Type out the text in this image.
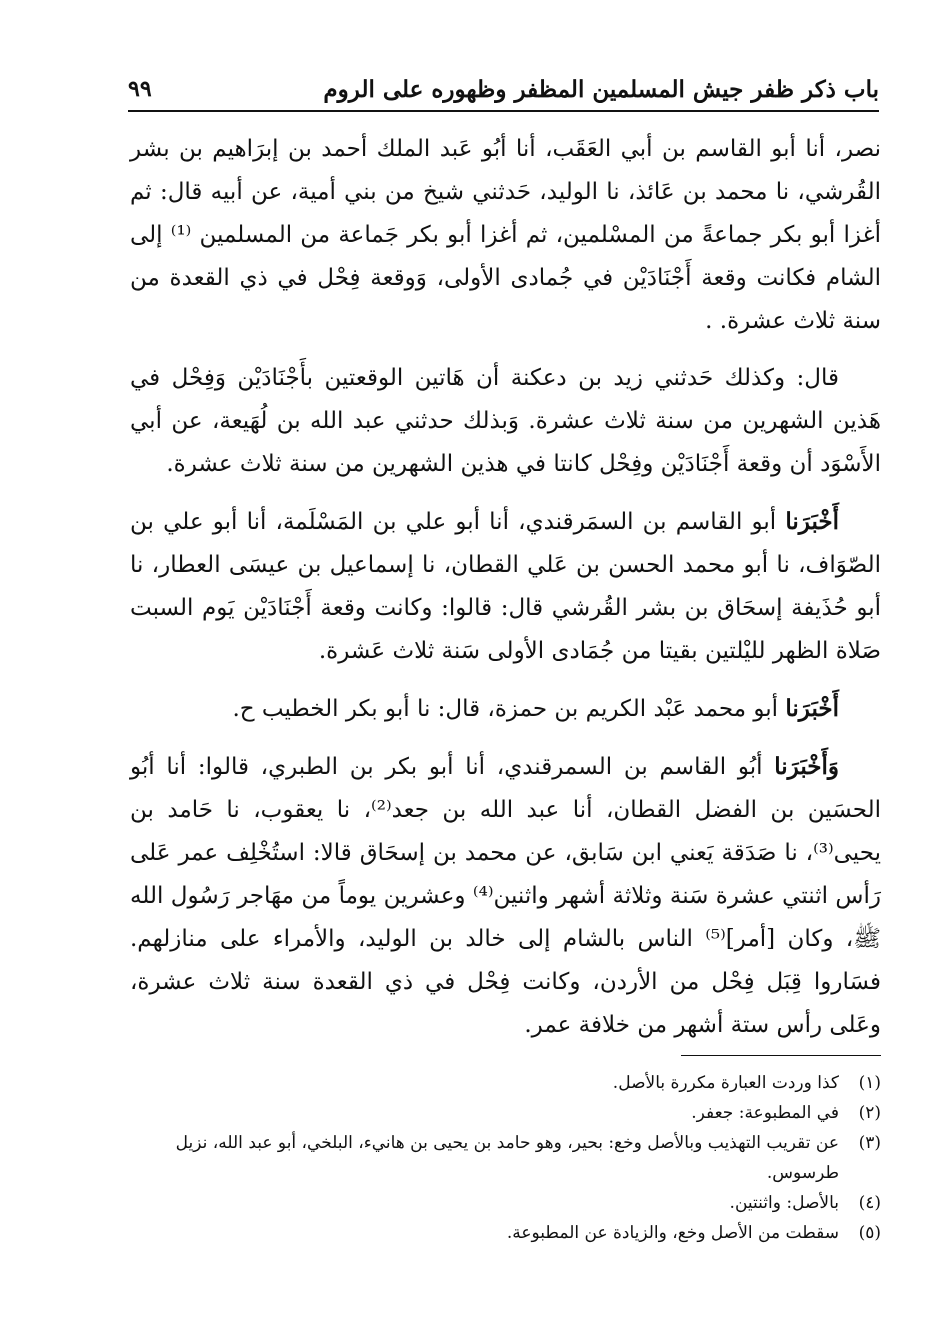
باب ذكر ظفر جيش المسلمين المظفر وظهوره على الروم
٩٩

نصر، أنا أبو القاسم بن أبي العَقَب، أنا أبُو عَبد الملك أحمد بن إبرَاهيم بن بشر القُرشي، نا محمد بن عَائذ، نا الوليد، حَدثني شيخ من بني أمية، عن أبيه قال: ثم أغزا أبو بكر جماعةً من المسْلمين، ثم أغزا أبو بكر جَماعة من المسلمين ⁽¹⁾ إلى الشام فكانت وقعة أَجْنَادَيْن في جُمادى الأولى، وَوقعة فِحْل في ذي القعدة من سنة ثلاث عشرة. .

قال: وكذلك حَدثني زيد بن دعكنة أن هَاتين الوقعتين بأَجْنَادَيْن وَفِحْل في هَذين الشهرين من سنة ثلاث عشرة. وَبذلك حدثني عبد الله بن لُهَيعة، عن أبي الأَسْوَد أن وقعة أَجْنَادَيْن وفِحْل كانتا في هذين الشهرين من سنة ثلاث عشرة.

أَخْبَرَنا أبو القاسم بن السمَرقندي، أنا أبو علي بن المَسْلَمة، أنا أبو علي بن الصّوَاف، نا أبو محمد الحسن بن عَلي القطان، نا إسماعيل بن عيسَى العطار، نا أبو حُذَيفة إسحَاق بن بشر القُرشي قال: قالوا: وكانت وقعة أَجْنَادَيْن يَوم السبت صَلاة الظهر لليْلتين بقيتا من جُمَادى الأولى سَنة ثلاث عَشرة.

أَخْبَرَنا أبو محمد عَبْد الكريم بن حمزة، قال: نا أبو بكر الخطيب ح.

وَأَخْبَرَنا أبُو القاسم بن السمرقندي، أنا أبو بكر بن الطبري، قالوا: أنا أبُو الحسَين بن الفضل القطان، أنا عبد الله بن جعد⁽²⁾، نا يعقوب، نا حَامد بن يحيى⁽³⁾، نا صَدَقة يَعني ابن سَابق، عن محمد بن إسحَاق قالا: استُخْلِف عمر عَلى رَأس اثنتي عشرة سَنة وثلاثة أشهر واثنين⁽⁴⁾ وعشرين يوماً من مهَاجر رَسُول الله ﷺ، وكان [أمر]⁽⁵⁾ الناس بالشام إلى خالد بن الوليد، والأمراء على منازلهم. فسَاروا قِبَل فِحْل من الأردن، وكانت فِحْل في ذي القعدة سنة ثلاث عشرة، وعَلى رأس ستة أشهر من خلافة عمر.

(١)
كذا وردت العبارة مكررة بالأصل.
(٢)
في المطبوعة: جعفر.
(٣)
عن تقريب التهذيب وبالأصل وخع: بحير، وهو حامد بن يحيى بن هانيء، البلخي، أبو عبد الله، نزيل طرسوس.
(٤)
بالأصل: واثنتين.
(٥)
سقطت من الأصل وخع، والزيادة عن المطبوعة.
